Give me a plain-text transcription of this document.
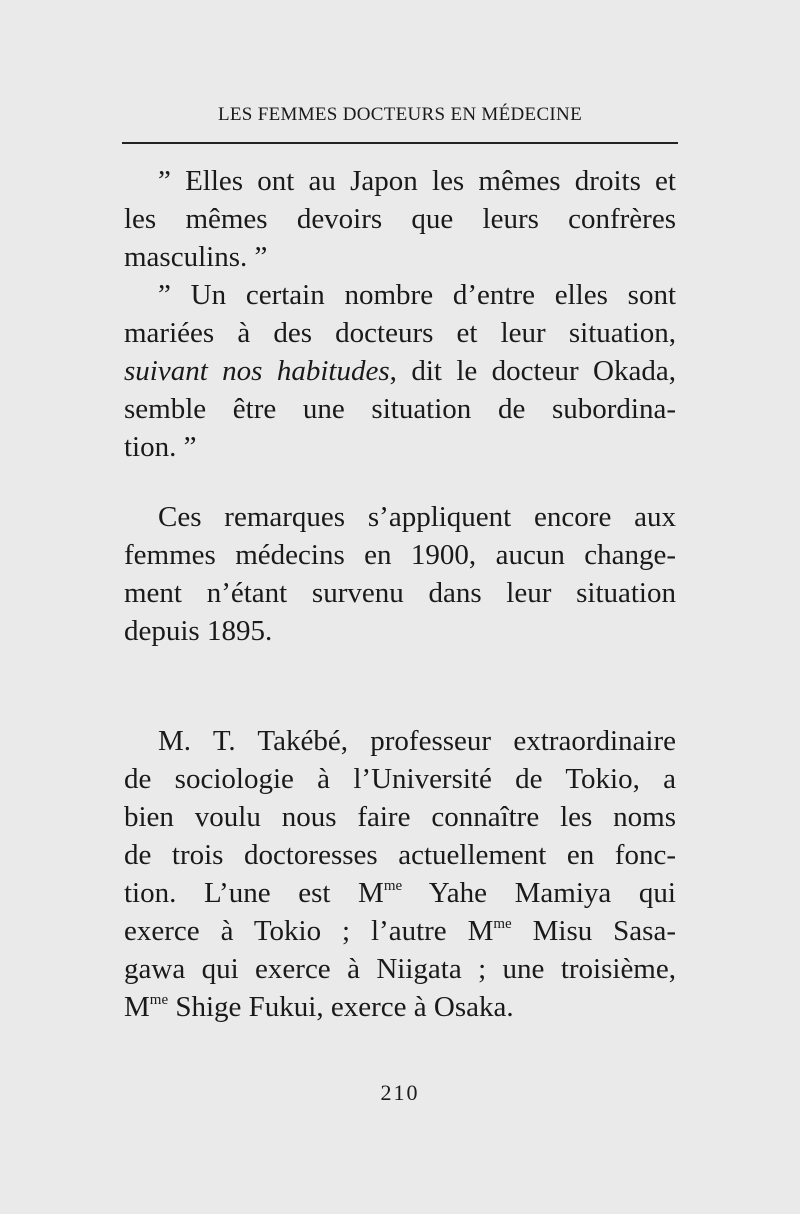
LES FEMMES DOCTEURS EN MÉDECINE
” Elles ont au Japon les mêmes droits et
les mêmes devoirs que leurs confrères
masculins. ”
” Un certain nombre d’entre elles sont
mariées à des docteurs et leur situation,
suivant nos habitudes, dit le docteur Okada,
semble être une situation de subordina-
tion. ”
Ces remarques s’appliquent encore aux
femmes médecins en 1900, aucun change-
ment n’étant survenu dans leur situation
depuis 1895.
M. T. Takébé, professeur extraordinaire
de sociologie à l’Université de Tokio, a
bien voulu nous faire connaître les noms
de trois doctoresses actuellement en fonc-
tion. L’une est $M^{me}$ Yahe Mamiya qui
exerce à Tokio ; l’autre $M^{me}$ Misu Sasa-
gawa qui exerce à Niigata ; une troisième,
$M^{me}$ Shige Fukui, exerce à Osaka.
210
